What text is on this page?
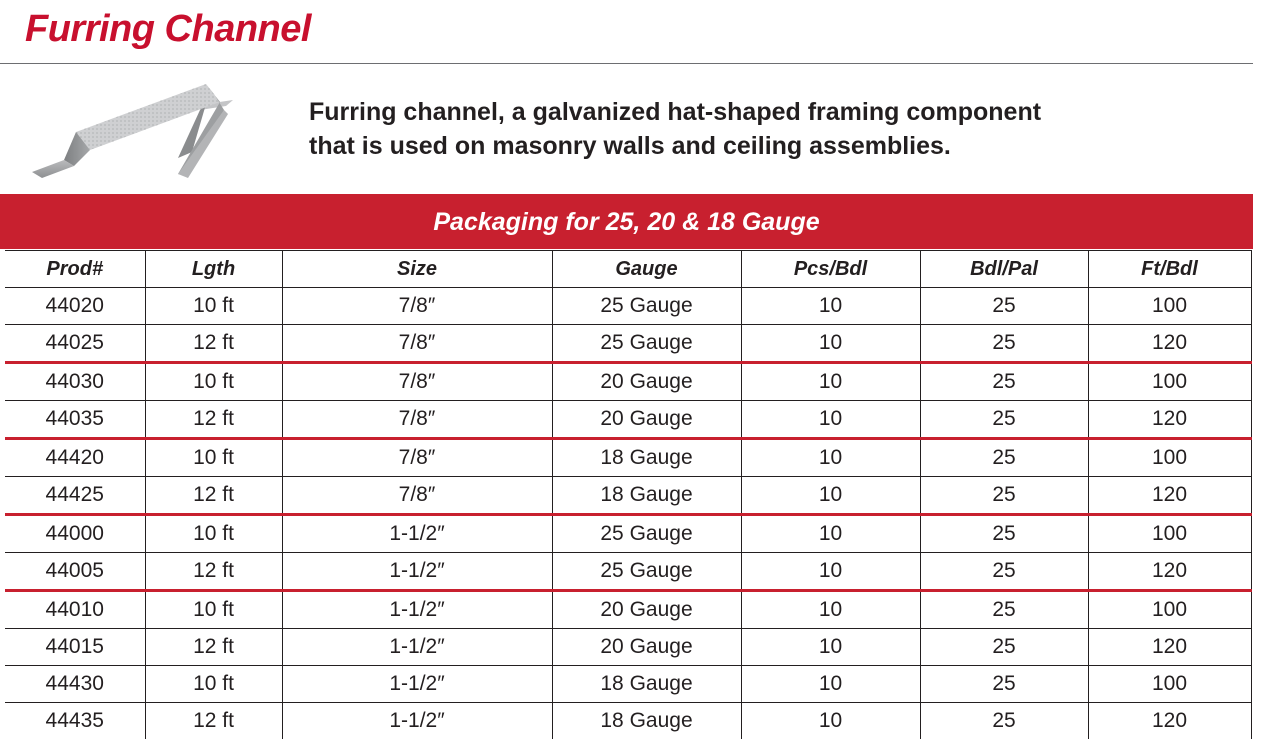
Furring Channel

Furring channel, a galvanized hat-shaped framing component
that is used on masonry walls and ceiling assemblies.

Packaging for 25, 20 & 18 Gauge
Prod#	Lgth	Size	Gauge	Pcs/Bdl	Bdl/Pal	Ft/Bdl
44020	10 ft	7/8″	25 Gauge	10	25	100
44025	12 ft	7/8″	25 Gauge	10	25	120
44030	10 ft	7/8″	20 Gauge	10	25	100
44035	12 ft	7/8″	20 Gauge	10	25	120
44420	10 ft	7/8″	18 Gauge	10	25	100
44425	12 ft	7/8″	18 Gauge	10	25	120
44000	10 ft	1-1/2″	25 Gauge	10	25	100
44005	12 ft	1-1/2″	25 Gauge	10	25	120
44010	10 ft	1-1/2″	20 Gauge	10	25	100
44015	12 ft	1-1/2″	20 Gauge	10	25	120
44430	10 ft	1-1/2″	18 Gauge	10	25	100
44435	12 ft	1-1/2″	18 Gauge	10	25	120
